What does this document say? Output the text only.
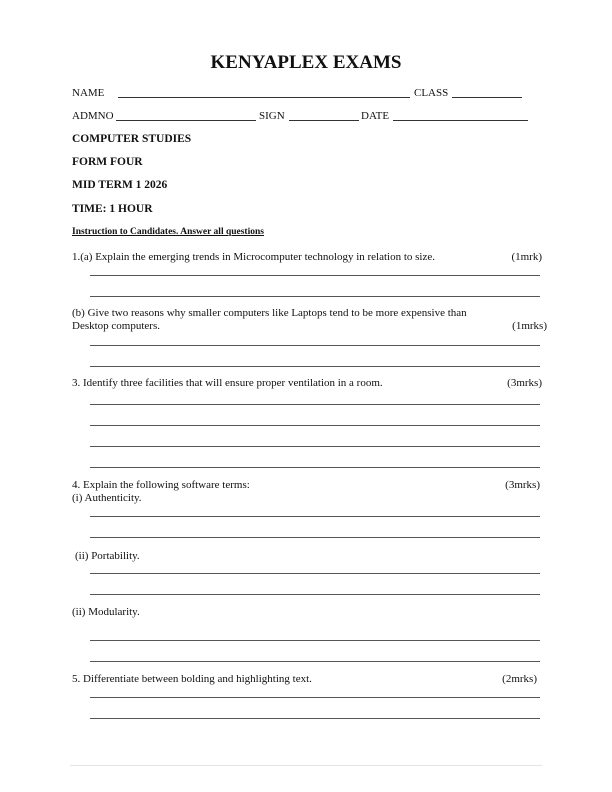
KENYAPLEX EXAMS
NAME	CLASS
ADMNO	SIGN	DATE
COMPUTER STUDIES
FORM FOUR
MID TERM 1 2026
TIME: 1 HOUR
Instruction to Candidates. Answer all questions
1.(a) Explain the emerging trends in Microcomputer technology in relation to size.	(1mrk)
(b) Give two reasons why smaller computers like Laptops tend to be more expensive than
Desktop computers.	(1mrks)
3. Identify three facilities that will ensure proper ventilation in a room.	(3mrks)
4. Explain the following software terms:	(3mrks)
(i) Authenticity.
(ii) Portability.
(ii) Modularity.
5. Differentiate between bolding and highlighting text.	(2mrks)
